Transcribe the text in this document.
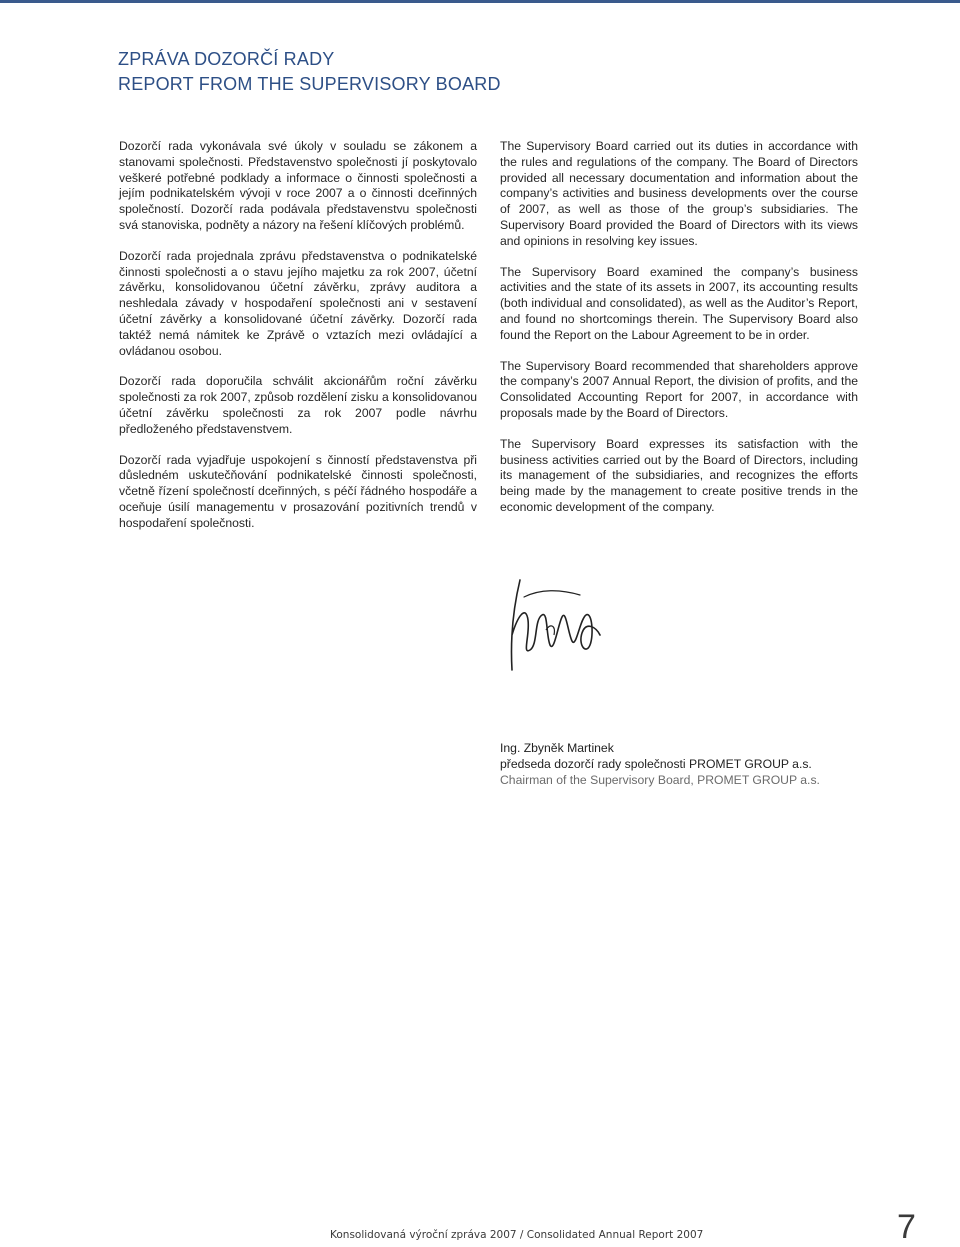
ZPRÁVA DOZORČÍ RADY
REPORT FROM THE SUPERVISORY BOARD

Dozorčí rada vykonávala své úkoly v souladu se zákonem a stanovami společnosti. Představenstvo společnosti jí poskytovalo veškeré potřebné podklady a informace o činnosti společnosti a jejím podnikatelském vývoji v roce 2007 a o činnosti dceřinných společností. Dozorčí rada podávala představenstvu společnosti svá stanoviska, podněty a názory na řešení klíčových problémů.

Dozorčí rada projednala zprávu představenstva o podnikatelské činnosti společnosti a o stavu jejího majetku za rok 2007, účetní závěrku, konsolidovanou účetní závěrku, zprávy auditora a neshledala závady v hospodaření společnosti ani v sestavení účetní závěrky a konsolidované účetní závěrky. Dozorčí rada taktéž nemá námitek ke Zprávě o vztazích mezi ovládající a ovládanou osobou.

Dozorčí rada doporučila schválit akcionářům roční závěrku společnosti za rok 2007, způsob rozdělení zisku a konsolidovanou účetní závěrku společnosti za rok 2007 podle návrhu předloženého představenstvem.

Dozorčí rada vyjadřuje uspokojení s činností představenstva při důsledném uskutečňování podnikatelské činnosti společnosti, včetně řízení společností dceřinných, s péčí řádného hospodáře a oceňuje úsilí managementu v prosazování pozitivních trendů v hospodaření společnosti.

The Supervisory Board carried out its duties in accordance with the rules and regulations of the company. The Board of Directors provided all necessary documentation and information about the company’s activities and business developments over the course of 2007, as well as those of the group’s subsidiaries. The Supervisory Board provided the Board of Directors with its views and opinions in resolving key issues.

The Supervisory Board examined the company’s business activities and the state of its assets in 2007, its accounting results (both individual and consolidated), as well as the Auditor’s Report, and found no shortcomings therein. The Supervisory Board also found the Report on the Labour Agreement to be in order.

The Supervisory Board recommended that shareholders approve the company’s 2007 Annual Report, the division of profits, and the Consolidated Accounting Report for 2007, in accordance with proposals made by the Board of Directors.

The Supervisory Board expresses its satisfaction with the business activities carried out by the Board of Directors, including its management of the subsidiaries, and recognizes the efforts being made by the management to create positive trends in the economic development of the company.

Ing. Zbyněk Martinek
předseda dozorčí rady společnosti PROMET GROUP a.s.
Chairman of the Supervisory Board, PROMET GROUP a.s.
Konsolidovaná výroční zpráva 2007 / Consolidated Annual Report 2007	7
